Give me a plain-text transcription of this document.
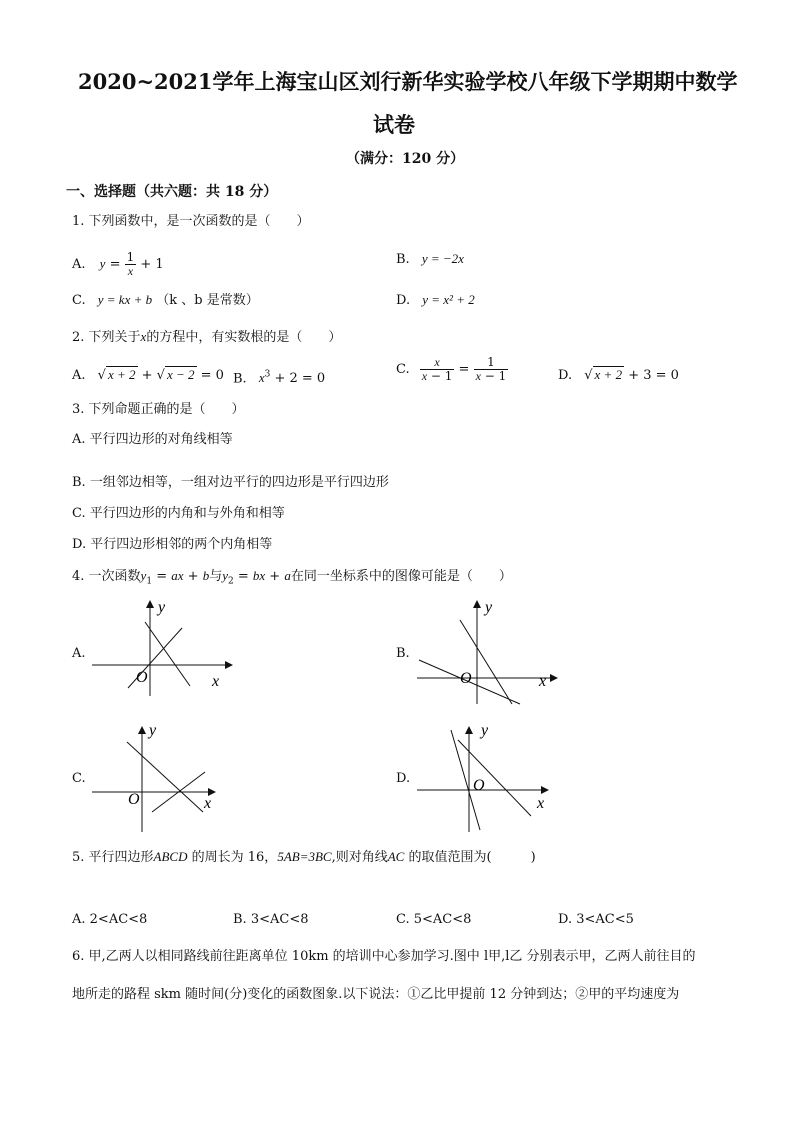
2020~2021学年上海宝山区刘行新华实验学校八年级下学期期中数学
试卷
（满分：120 分）
一、选择题（共六题：共 18 分）
1. 下列函数中，是一次函数的是（　　）
A. $y = \frac{1}{x} + 1$	B. y = −2x
C. y = kx + b （k 、b 是常数）	D. y = x² + 2
2. 下列关于x的方程中，有实数根的是（　　）
A. √ x + 2 + √ x − 2 = 0 B. $x^3 + 2 = 0$
C. $\frac{x}{x - 1} = \frac{1}{x - 1}$	D. √ x + 2 + 3 = 0
3. 下列命题正确的是（　　）
A. 平行四边形的对角线相等
B. 一组邻边相等，一组对边平行的四边形是平行四边形
C. 平行四边形的内角和与外角和相等
D. 平行四边形相邻的两个内角相等
4. 一次函数$y_1$ = ax + b与$y_2$ = bx + a在同一坐标系中的图像可能是（　　）
A.
y
x
O
B.
y
x
O
C.
y
x
O
D.
y
x
O
5. 平行四边形ABCD 的周长为 16，5AB=3BC,则对角线AC 的取值范围为(　　　)
A. 2<AC<8	B. 3<AC<8	C. 5<AC<8	D. 3<AC<5
6. 甲,乙两人以相同路线前往距离单位 10km 的培训中心参加学习.图中 l甲,l乙 分别表示甲，乙两人前往目的
地所走的路程 skm 随时间(分)变化的函数图象.以下说法：①乙比甲提前 12 分钟到达；②甲的平均速度为
